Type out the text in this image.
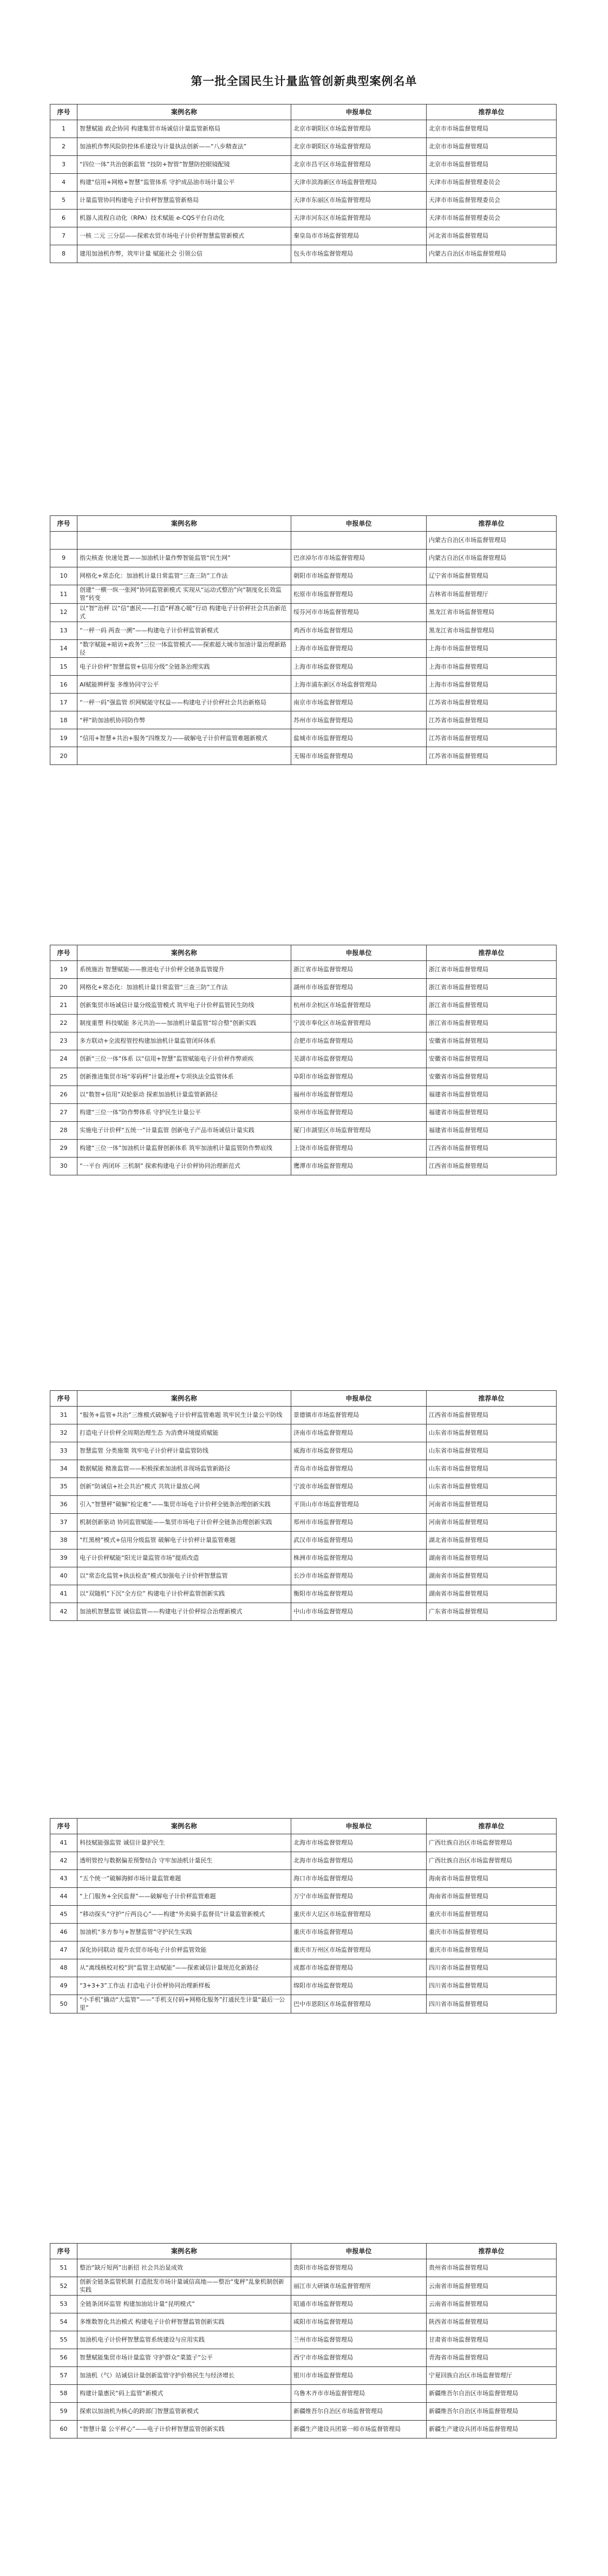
第一批全国民生计量监管创新典型案例名单
序号	案例名称	申报单位	推荐单位
1	智慧赋能 政企协同 构建集贸市场诚信计量监管新格局	北京市朝阳区市场监督管理局	北京市市场监督管理局
2	加油机作弊风险防控体系建设与计量执法创新——“八步精查法”	北京市朝阳区市场监督管理局	北京市市场监督管理局
3	“四位一体”共治创新监管 “技防+智管”智慧防控眼镜配镜	北京市昌平区市场监督管理局	北京市市场监督管理局
4	构建“信用+网格+智慧”监管体系 守护成品油市场计量公平	天津市滨海新区市场监督管理局	天津市市场监督管理委员会
5	计量监管协同构建电子计价秤智慧监管新格局	天津市东丽区市场监督管理局	天津市市场监督管理委员会
6	机器人流程自动化（RPA）技术赋能 e-CQS平台自动化	天津市河东区市场监督管理局	天津市市场监督管理委员会
7	一核 二元 三分层——探索农贸市场电子计价秤智慧监管新模式	秦皇岛市市场监督管理局	河北省市场监督管理局
8	建用加油机作弊，筑牢计量 赋能社会 引领公信	包头市市场监督管理局	内蒙古自治区市场监督管理局
序号	案例名称	申报单位	推荐单位
			内蒙古自治区市场监督管理局
9	指尖核查 快速处置——加油机计量作弊智能监管“民生网”	巴彦淖尔市市场监督管理局	内蒙古自治区市场监督管理局
10	网格化+常态化：加油机计量日常监管“三查三防”工作法	朝阳市市场监督管理局	辽宁省市场监督管理局
11	创建“一横一纵一张网”协同监管新模式 实现从“运动式整治”向“制度化长效监管”转变	松原市市场监督管理局	吉林省市场监督管理厅
12	以“智”治秤 以“信”惠民——打造“秤准心暖”行动 构建电子计价秤社会共治新范式	绥芬河市市场监督管理局	黑龙江省市场监督管理局
13	“一秤一码 两查一溯”——构建电子计价秤监管新模式	鸡西市市场监督管理局	黑龙江省市场监督管理局
14	“数字赋能+暗访+政务”三位一体监管模式——探索超大城市加油计量治理新路径	上海市市场监督管理局	上海市市场监督管理局
15	电子计价秤“智慧监管+信用分级”全链条治理实践	上海市市场监督管理局	上海市市场监督管理局
16	AI赋能辨秤鉴 多维协同守公平	上海市浦东新区市场监督管理局	上海市市场监督管理局
17	“一秤一码”强监管 织网赋能守权益——构建电子计价秤社会共治新格局	南京市市场监督管理局	江苏省市场监督管理局
18	“秤”助加油机协同防作弊	苏州市市场监督管理局	江苏省市场监督管理局
19	“信用+智慧+共治+服务”四维发力——破解电子计价秤监管难题新模式	盐城市市场监督管理局	江苏省市场监督管理局
20		无锡市市场监督管理局	江苏省市场监督管理局
序号	案例名称	申报单位	推荐单位
19	系统施治 智慧赋能——推进电子计价秤全链条监管提升	浙江省市场监督管理局	浙江省市场监督管理局
20	网格化+常态化：加油机计量日常监管“三查三防”工作法	湖州市市场监督管理局	浙江省市场监督管理局
21	创新集贸市场诚信计量分级监管模式 筑牢电子计价秤监管民生防线	杭州市余杭区市场监督管理局	浙江省市场监督管理局
22	制度重塑 科技赋能 多元共治——加油机计量监管“综合整”创新实践	宁波市奉化区市场监督管理局	浙江省市场监督管理局
23	多方联动+全流程管控构建加油机计量监管闭环体系	合肥市市场监督管理局	安徽省市场监督管理局
24	创新“三位一体”体系 以“信用+智慧”监管赋能电子计价秤作弊顽疾	芜湖市市场监督管理局	安徽省市场监督管理局
25	创新推进集贸市场“零码秤”计量治理+专项执法全监管体系	阜阳市市场监督管理局	安徽省市场监督管理局
26	以“数智+信用”双轮驱动 探索加油机计量监管新路径	福州市市场监督管理局	福建省市场监督管理局
27	构建“三位一体”防作弊体系 守护民生计量公平	泉州市市场监督管理局	福建省市场监督管理局
28	实施电子计价秤“五统一”计量监管 创新电子产品市场诚信计量实践	厦门市湖里区市场监督管理局	福建省市场监督管理局
29	构建“三位一体”加油机计量监督创新体系 筑牢加油机计量监管防作弊底线	上饶市市场监督管理局	江西省市场监督管理局
30	“一平台 两闭环 三机制” 探索构建电子计价秤协同治理新范式	鹰潭市市场监督管理局	江西省市场监督管理局
序号	案例名称	申报单位	推荐单位
31	“服务+监管+共治”三维模式破解电子计价秤监管难题 筑牢民生计量公平防线	景德镇市市场监督管理局	江西省市场监督管理局
32	打造电子计价秤全周期治理生态 为消费环境提质赋能	济南市市场监督管理局	山东省市场监督管理局
33	智慧监管 分类施策 筑牢电子计价秤计量监管防线	威海市市场监督管理局	山东省市场监督管理局
34	数据赋能 精准监管——积极探索加油机非现场监管新路径	青岛市市场监督管理局	山东省市场监督管理局
35	创新“防诚信+社会共治”模式 共筑计量放心网	宁波市市场监督管理局	山东省市场监督管理局
36	引入“智慧秤”破解“检定难”——集贸市场电子计价秤全链条治理创新实践	平顶山市市场监督管理局	河南省市场监督管理局
37	机制创新驱动 协同监管赋能——集贸市场电子计价秤全链条治理创新实践	郑州市市场监督管理局	河南省市场监督管理局
38	“红黑榜”模式+信用分级监管 破解电子计价秤计量监管难题	武汉市市场监督管理局	湖北省市场监督管理局
39	电子计价秤赋能“阳光计量监管市场”提质改造	株洲市市场监督管理局	湖南省市场监督管理局
40	以“常态化监管+执法检查”模式加强电子计价秤智慧监管	长沙市市场监督管理局	湖南省市场监督管理局
41	以“双随机”下沉“全方位” 构建电子计价秤监管创新实践	衡阳市市场监督管理局	湖南省市场监督管理局
42	加油机智慧监管 诚信监管——构建电子计价秤综合治理新模式	中山市市场监督管理局	广东省市场监督管理局
序号	案例名称	申报单位	推荐单位
41	科技赋能强监管 诚信计量护民生	北海市市场监督管理局	广西壮族自治区市场监督管理局
42	透明管控与数据偏差预警结合 守牢加油机计量民生	北海市市场监督管理局	广西壮族自治区市场监督管理局
43	“五个统一”破解海鲜市场计量监管难题	海口市市场监督管理局	海南省市场监督管理局
44	“上门服务+全民监督”——破解电子计价秤监管难题	万宁市市场监督管理局	海南省市场监督管理局
45	“移动探头”守护“斤两良心”——构建“外卖骑手监督员”计量监管新模式	重庆市大足区市场监督管理局	重庆市市场监督管理局
46	加油机“多方参与+智慧监管”守护民生实践	重庆市市场监督管理局	重庆市市场监督管理局
47	深化协同联动 提升农贸市场电子计价秤监管效能	重庆市万州区市场监督管理局	重庆市市场监督管理局
48	从“离线核校对校”到“监管主动赋能”——探索诚信计量规范化新路径	成都市市场监督管理局	四川省市场监督管理局
49	“3+3+3”工作法 打造电子计价秤协同治理新样板	绵阳市市场监督管理局	四川省市场监督管理局
50	“小手机”撬动“大监管”——“手机支付码+网格化服务”打通民生计量“最后一公里”	巴中市恩阳区市场监督管理局	四川省市场监督管理局
序号	案例名称	申报单位	推荐单位
51	整治“缺斤短两”出新招 社会共治显成效	贵阳市市场监督管理局	贵州省市场监督管理局
52	创新全链条监管机制 打造批发市场计量诚信高地——整治“鬼秤”乱象机制创新实践	丽江市大研镇市场监督管理所	云南省市场监督管理局
53	全链条闭环监管 构建加油站计量“昆明模式”	昭通市市场监督管理局	云南省市场监督管理局
54	多维数智化共治模式 构建电子计价秤智慧监管创新实践	咸阳市市场监督管理局	陕西省市场监督管理局
55	加油机电子计价秤智慧监管系统建设与应用实践	兰州市市场监督管理局	甘肃省市场监督管理局
56	智慧赋能集贸市场计量监管 守护群众“菜篮子”公平	西宁市市场监督管理局	青海省市场监督管理局
57	加油机（气）站诚信计量创新监管守护价格民生与经济增长	银川市市场监督管理局	宁夏回族自治区市场监督管理厅
58	构建计量惠民“码上监管”新模式	乌鲁木齐市市场监督管理局	新疆维吾尔自治区市场监督管理局
59	探索以加油机为核心的跨部门智慧监管新模式	新疆维吾尔自治区市场监督管理局	新疆维吾尔自治区市场监督管理局
60	“智慧计量 公平秤心”——电子计价秤智慧监管创新实践	新疆生产建设兵团第一师市场监督管理局	新疆生产建设兵团市场监督管理局
